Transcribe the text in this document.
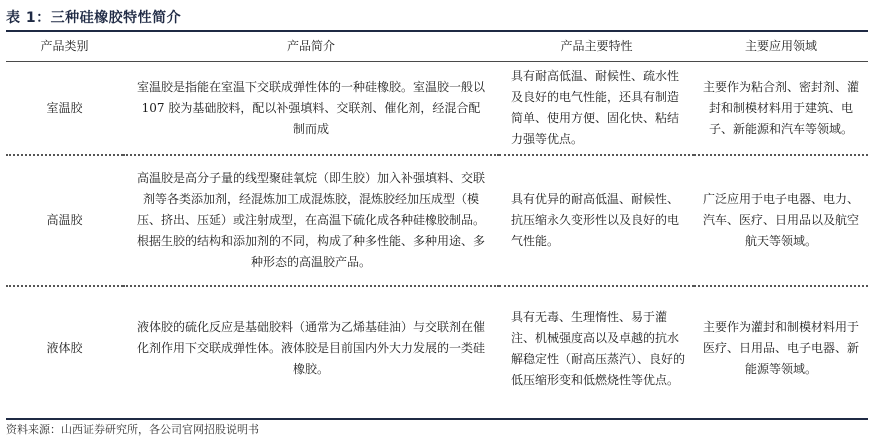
表 1：三种硅橡胶特性简介
产品类别	产品简介	产品主要特性	主要应用领域
室温胶	室温胶是指能在室温下交联成弹性体的一种硅橡胶。室温胶一般以 107 胶为基础胶料，配以补强填料、交联剂、催化剂，经混合配制而成	具有耐高低温、耐候性、疏水性及良好的电气性能，还具有制造简单、使用方便、固化快、粘结力强等优点。	主要作为粘合剂、密封剂、灌封和制模材料用于建筑、电子、新能源和汽车等领域。
高温胶	高温胶是高分子量的线型聚硅氧烷（即生胶）加入补强填料、交联剂等各类添加剂，经混炼加工成混炼胶，混炼胶经加压成型（模压、挤出、压延）或注射成型，在高温下硫化成各种硅橡胶制品。根据生胶的结构和添加剂的不同，构成了种多性能、多种用途、多种形态的高温胶产品。	具有优异的耐高低温、耐候性、抗压缩永久变形性以及良好的电气性能。	广泛应用于电子电器、电力、汽车、医疗、日用品以及航空航天等领域。
液体胶	液体胶的硫化反应是基础胶料（通常为乙烯基硅油）与交联剂在催化剂作用下交联成弹性体。液体胶是目前国内外大力发展的一类硅橡胶。	具有无毒、生理惰性、易于灌注、机械强度高以及卓越的抗水解稳定性（耐高压蒸汽）、良好的低压缩形变和低燃烧性等优点。	主要作为灌封和制模材料用于医疗、日用品、电子电器、新能源等领域。
资料来源：山西证券研究所，各公司官网招股说明书
